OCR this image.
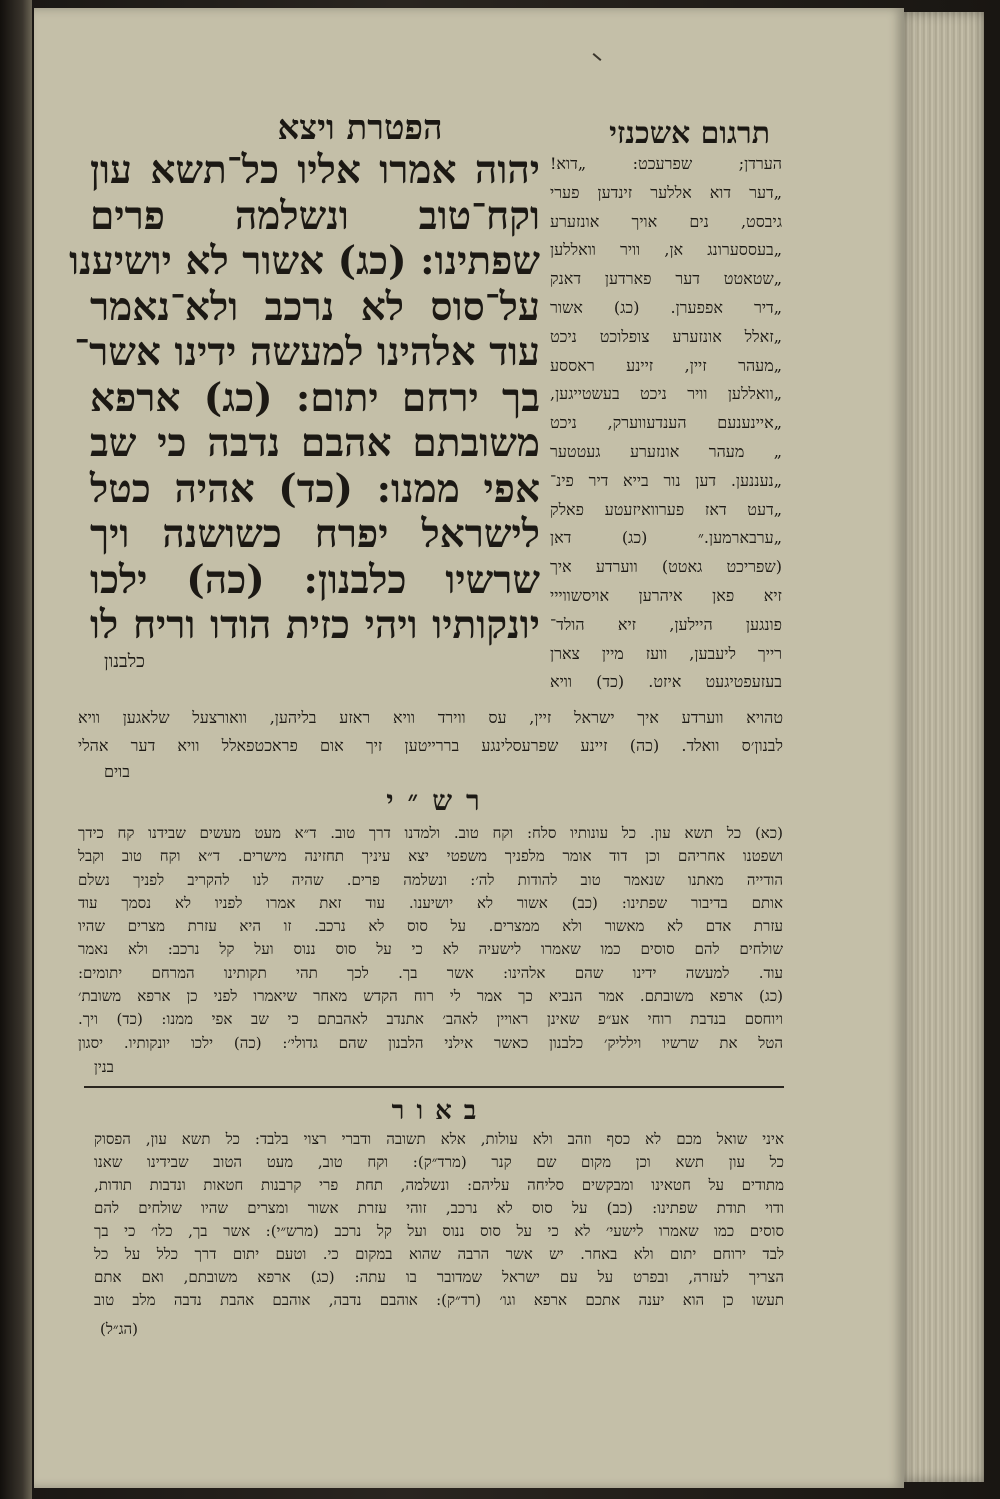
תרגום אשכנזי
הפטרת ויצא
יהוה אמרו אליו כל־תשא עון
וקח־טוב ונשלמה פרים
שפתינו: (כג) אשור לא יושיענו
על־סוס לא נרכב ולא־נאמר
עוד אלהינו למעשה ידינו אשר־
בך ירחם יתום: (כג) ארפא
משובתם אהבם נדבה כי שב
אפי ממנו: (כד) אהיה כטל
לישראל יפרח כשושנה ויך
שרשיו כלבנון: (כה) ילכו
יונקותיו ויהי כזית הודו וריח לו
כלבנון
הערדן; שפרעכט: „דוא!
„דער דוא אללער זינדען פערי
גיבסט, נים אויך אונזערע
„בעססערונג אן, וויר וואללען
„שטאטט דער פארדען דאנק
„דיר אפפערן. (כג) אשור
„זאלל אונזערע צופלוכט ניכט
„מעהר זיין, זיינע ראססע
„וואללען וויר ניכט בעשטייגען,
„איינענעם הענדעווערק, ניכט
„ מעהר אונזערע געטטער
„נעננען. דען נור בייא דיר פינ־
„דעט דאז פערוואיזעטע פאלק
„ערבארמען.״ (כג) דאן
(שפריכט גאטט) ווערדע איך
זיא פאן איהרען אויסשווייי
פונגען היילען, זיא הולד־
רייך ליעבען, וועז מיין צארן
בעזעפטיגעט איזט. (כד) וויא
טהויא ווערדע איך ישראל זיין, עס ווירד וויא ראזע בליהען, וואורצעל שלאגען וויא
לבנון׳ס וואלד. (כה) זיינע שפרעסלינגע בררייטען זיך אום פראכטפאלל וויא דער אהלי
בוים
רש״י
(כא) כל תשא עון. כל עונותיו סלח: וקח טוב. ולמדנו דרך טוב. ד״א מעט מעשים שבידנו קח כידך
ושפטנו אחריהם וכן דוד אומר מלפניך משפטי יצא עיניך תחזינה מישרים. ד״א וקח טוב וקבל
הודייה מאתנו שנאמר טוב להודות לה׳: ונשלמה פרים. שהיה לנו להקריב לפניך נשלם
אותם בדיבור שפתינו: (כב) אשור לא יושיענו. עוד זאת אמרו לפניו לא נסמך עוד
עזרת אדם לא מאשור ולא ממצרים. על סוס לא נרכב. זו היא עזרת מצרים שהיו
שולחים להם סוסים כמו שאמרו לישעיה לא כי על סוס ננוס ועל קל נרכב: ולא נאמר
עוד. למעשה ידינו שהם אלהינו: אשר בך. לכך תהי תקותינו המרחם יתומים:
(כג) ארפא משובתם. אמר הנביא כך אמר לי רוח הקדש מאחר שיאמרו לפני כן ארפא משובת׳
ויוחסם בנדבת רוחי אע״פ שאינן ראויין לאהב׳ אתנדב לאהבתם כי שב אפי ממנו: (כד) ויך.
הטל את שרשיו וילליק׳ כלבנון כאשר אילני הלבנון שהם גדולי׳: (כה) ילכו יונקותיו. יסגון
בנין
באור
איני שואל מכם לא כסף וזהב ולא עולות, אלא תשובה ודברי רצוי בלבד: כל תשא עון, הפסוק
כל עון תשא וכן מקום שם קנר (מרד״ק): וקח טוב, מעט הטוב שבידינו שאנו
מתודים על חטאינו ומבקשים סליחה עליהם: ונשלמה, תחת פרי קרבנות חטאות ונדבות תודות,
ודוי תודת שפתינו: (כב) על סוס לא נרכב, זוהי עזרת אשור ומצרים שהיו שולחים להם
סוסים כמו שאמרו לישעי׳ לא כי על סוס ננוס ועל קל נרכב (מרש״י): אשר בך, כלו׳ כי בך
לבד ירוחם יתום ולא באחר. יש אשר הרבה שהוא במקום כי. וטעם יתום דרך כלל על כל
הצריך לעזרה, ובפרט על עם ישראל שמדובר בו עתה: (כג) ארפא משובתם, ואם אתם
תעשו כן הוא יענה אתכם ארפא וגו׳ (רד״ק): אוהבם נדבה, אוהבם אהבת נדבה מלב טוב
(הג״ל)
